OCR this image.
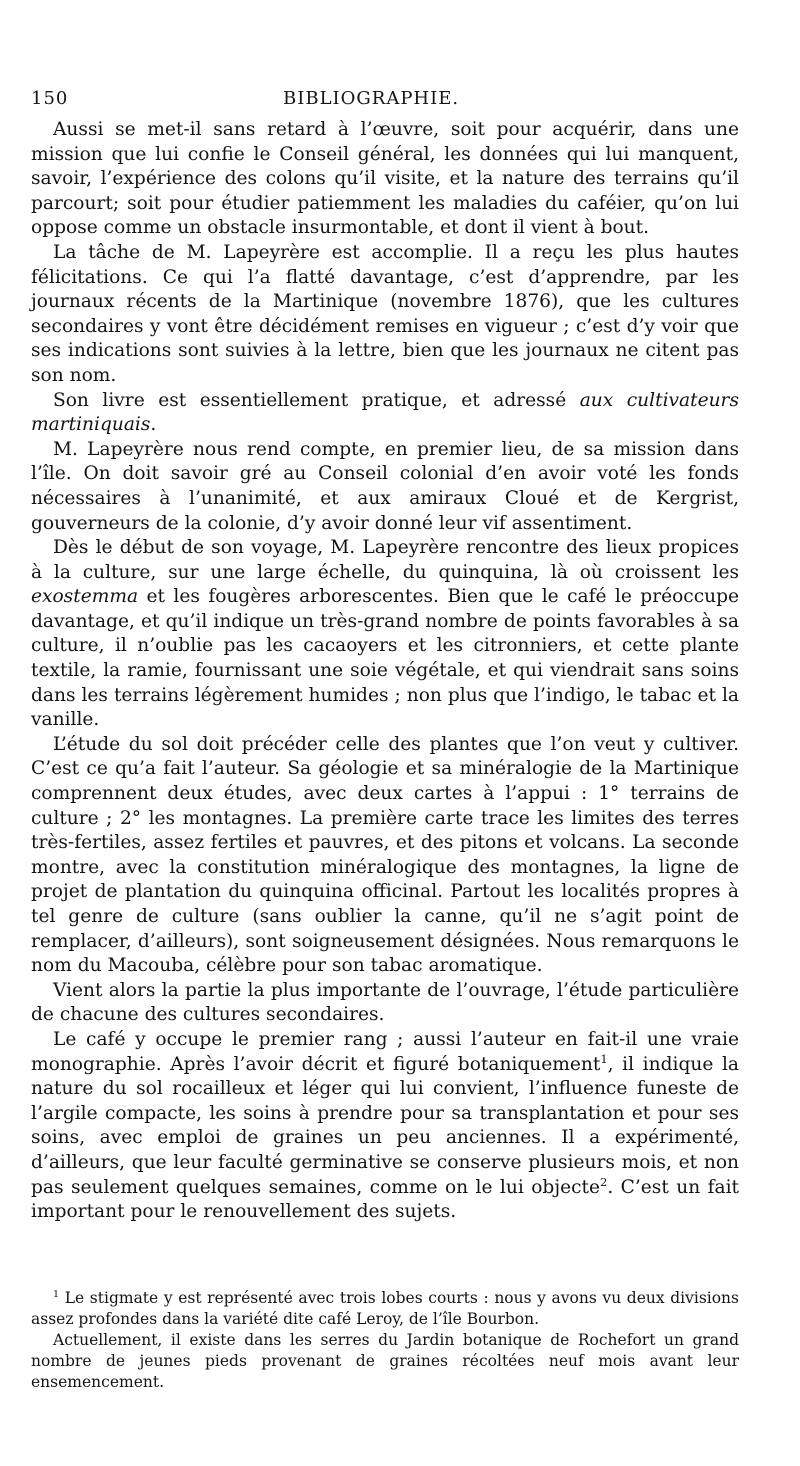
150	BIBLIOGRAPHIE.

Aussi se met-il sans retard à l’œuvre, soit pour acquérir, dans une mission que lui confie le Conseil général, les données qui lui manquent, savoir, l’expérience des colons qu’il visite, et la nature des terrains qu’il parcourt; soit pour étudier patiemment les maladies du caféier, qu’on lui oppose comme un obstacle insurmontable, et dont il vient à bout.

La tâche de M. Lapeyrère est accomplie. Il a reçu les plus hautes félicitations. Ce qui l’a flatté davantage, c’est d’apprendre, par les journaux récents de la Martinique (novembre 1876), que les cultures secondaires y vont être décidément remises en vigueur ; c’est d’y voir que ses indications sont suivies à la lettre, bien que les journaux ne citent pas son nom.

Son livre est essentiellement pratique, et adressé aux cultivateurs martiniquais.

M. Lapeyrère nous rend compte, en premier lieu, de sa mission dans l’île. On doit savoir gré au Conseil colonial d’en avoir voté les fonds nécessaires à l’unanimité, et aux amiraux Cloué et de Kergrist, gouverneurs de la colonie, d’y avoir donné leur vif assentiment.

Dès le début de son voyage, M. Lapeyrère rencontre des lieux propices à la culture, sur une large échelle, du quinquina, là où croissent les exostemma et les fougères arborescentes. Bien que le café le préoccupe davantage, et qu’il indique un très-grand nombre de points favorables à sa culture, il n’oublie pas les cacaoyers et les citronniers, et cette plante textile, la ramie, fournissant une soie végétale, et qui viendrait sans soins dans les terrains légèrement humides ; non plus que l’indigo, le tabac et la vanille.

L’étude du sol doit précéder celle des plantes que l’on veut y cultiver. C’est ce qu’a fait l’auteur. Sa géologie et sa minéralogie de la Martinique comprennent deux études, avec deux cartes à l’appui : 1° terrains de culture ; 2° les montagnes. La première carte trace les limites des terres très-fertiles, assez fertiles et pauvres, et des pitons et volcans. La seconde montre, avec la constitution minéralogique des montagnes, la ligne de projet de plantation du quinquina officinal. Partout les localités propres à tel genre de culture (sans oublier la canne, qu’il ne s’agit point de remplacer, d’ailleurs), sont soigneusement désignées. Nous remarquons le nom du Macouba, célèbre pour son tabac aromatique.

Vient alors la partie la plus importante de l’ouvrage, l’étude particulière de chacune des cultures secondaires.

Le café y occupe le premier rang ; aussi l’auteur en fait-il une vraie monographie. Après l’avoir décrit et figuré botaniquement$^1$, il indique la nature du sol rocailleux et léger qui lui convient, l’influence funeste de l’argile compacte, les soins à prendre pour sa transplantation et pour ses soins, avec emploi de graines un peu anciennes. Il a expérimenté, d’ailleurs, que leur faculté germinative se conserve plusieurs mois, et non pas seulement quelques semaines, comme on le lui objecte$^2$. C’est un fait important pour le renouvellement des sujets.

$^1$ Le stigmate y est représenté avec trois lobes courts : nous y avons vu deux divisions assez profondes dans la variété dite café Leroy, de l’île Bourbon.

Actuellement, il existe dans les serres du Jardin botanique de Rochefort un grand nombre de jeunes pieds provenant de graines récoltées neuf mois avant leur ensemencement.
